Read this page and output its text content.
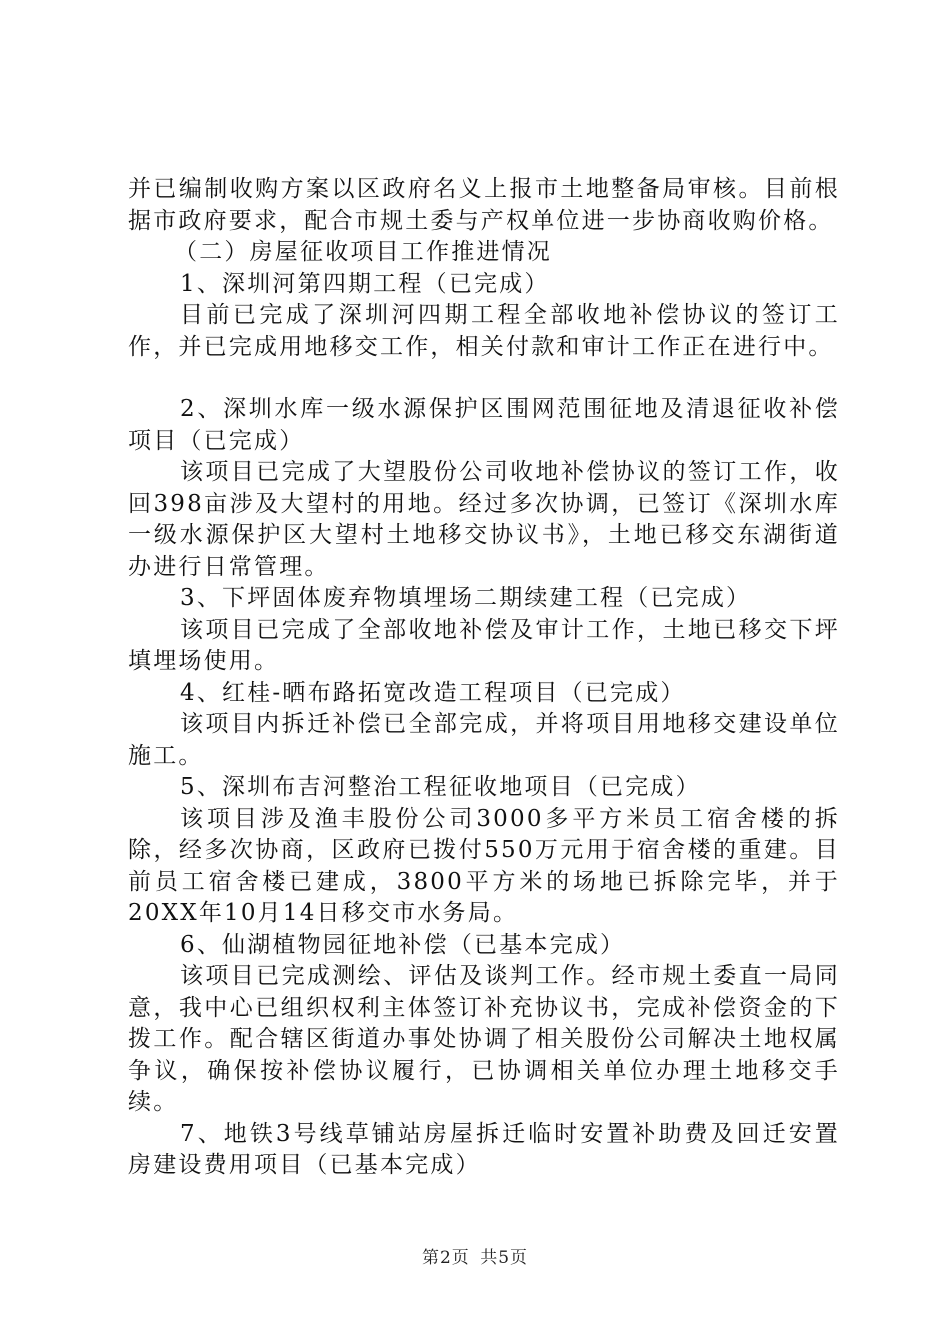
并已编制收购方案以区政府名义上报市土地整备局审核。目前根据市政府要求，配合市规土委与产权单位进一步协商收购价格。

（二）房屋征收项目工作推进情况

1、深圳河第四期工程（已完成）

目前已完成了深圳河四期工程全部收地补偿协议的签订工作，并已完成用地移交工作，相关付款和审计工作正在进行中。

2、深圳水库一级水源保护区围网范围征地及清退征收补偿项目（已完成）

该项目已完成了大望股份公司收地补偿协议的签订工作，收回398亩涉及大望村的用地。经过多次协调，已签订《深圳水库一级水源保护区大望村土地移交协议书》，土地已移交东湖街道办进行日常管理。

3、下坪固体废弃物填埋场二期续建工程（已完成）

该项目已完成了全部收地补偿及审计工作，土地已移交下坪填埋场使用。

4、红桂-晒布路拓宽改造工程项目（已完成）

该项目内拆迁补偿已全部完成，并将项目用地移交建设单位施工。

5、深圳布吉河整治工程征收地项目（已完成）

该项目涉及渔丰股份公司3000多平方米员工宿舍楼的拆除，经多次协商，区政府已拨付550万元用于宿舍楼的重建。目前员工宿舍楼已建成，3800平方米的场地已拆除完毕，并于20XX年10月14日移交市水务局。

6、仙湖植物园征地补偿（已基本完成）

该项目已完成测绘、评估及谈判工作。经市规土委直一局同意，我中心已组织权利主体签订补充协议书，完成补偿资金的下拨工作。配合辖区街道办事处协调了相关股份公司解决土地权属争议，确保按补偿协议履行，已协调相关单位办理土地移交手续。

7、地铁3号线草铺站房屋拆迁临时安置补助费及回迁安置房建设费用项目（已基本完成）

第2页 共5页
